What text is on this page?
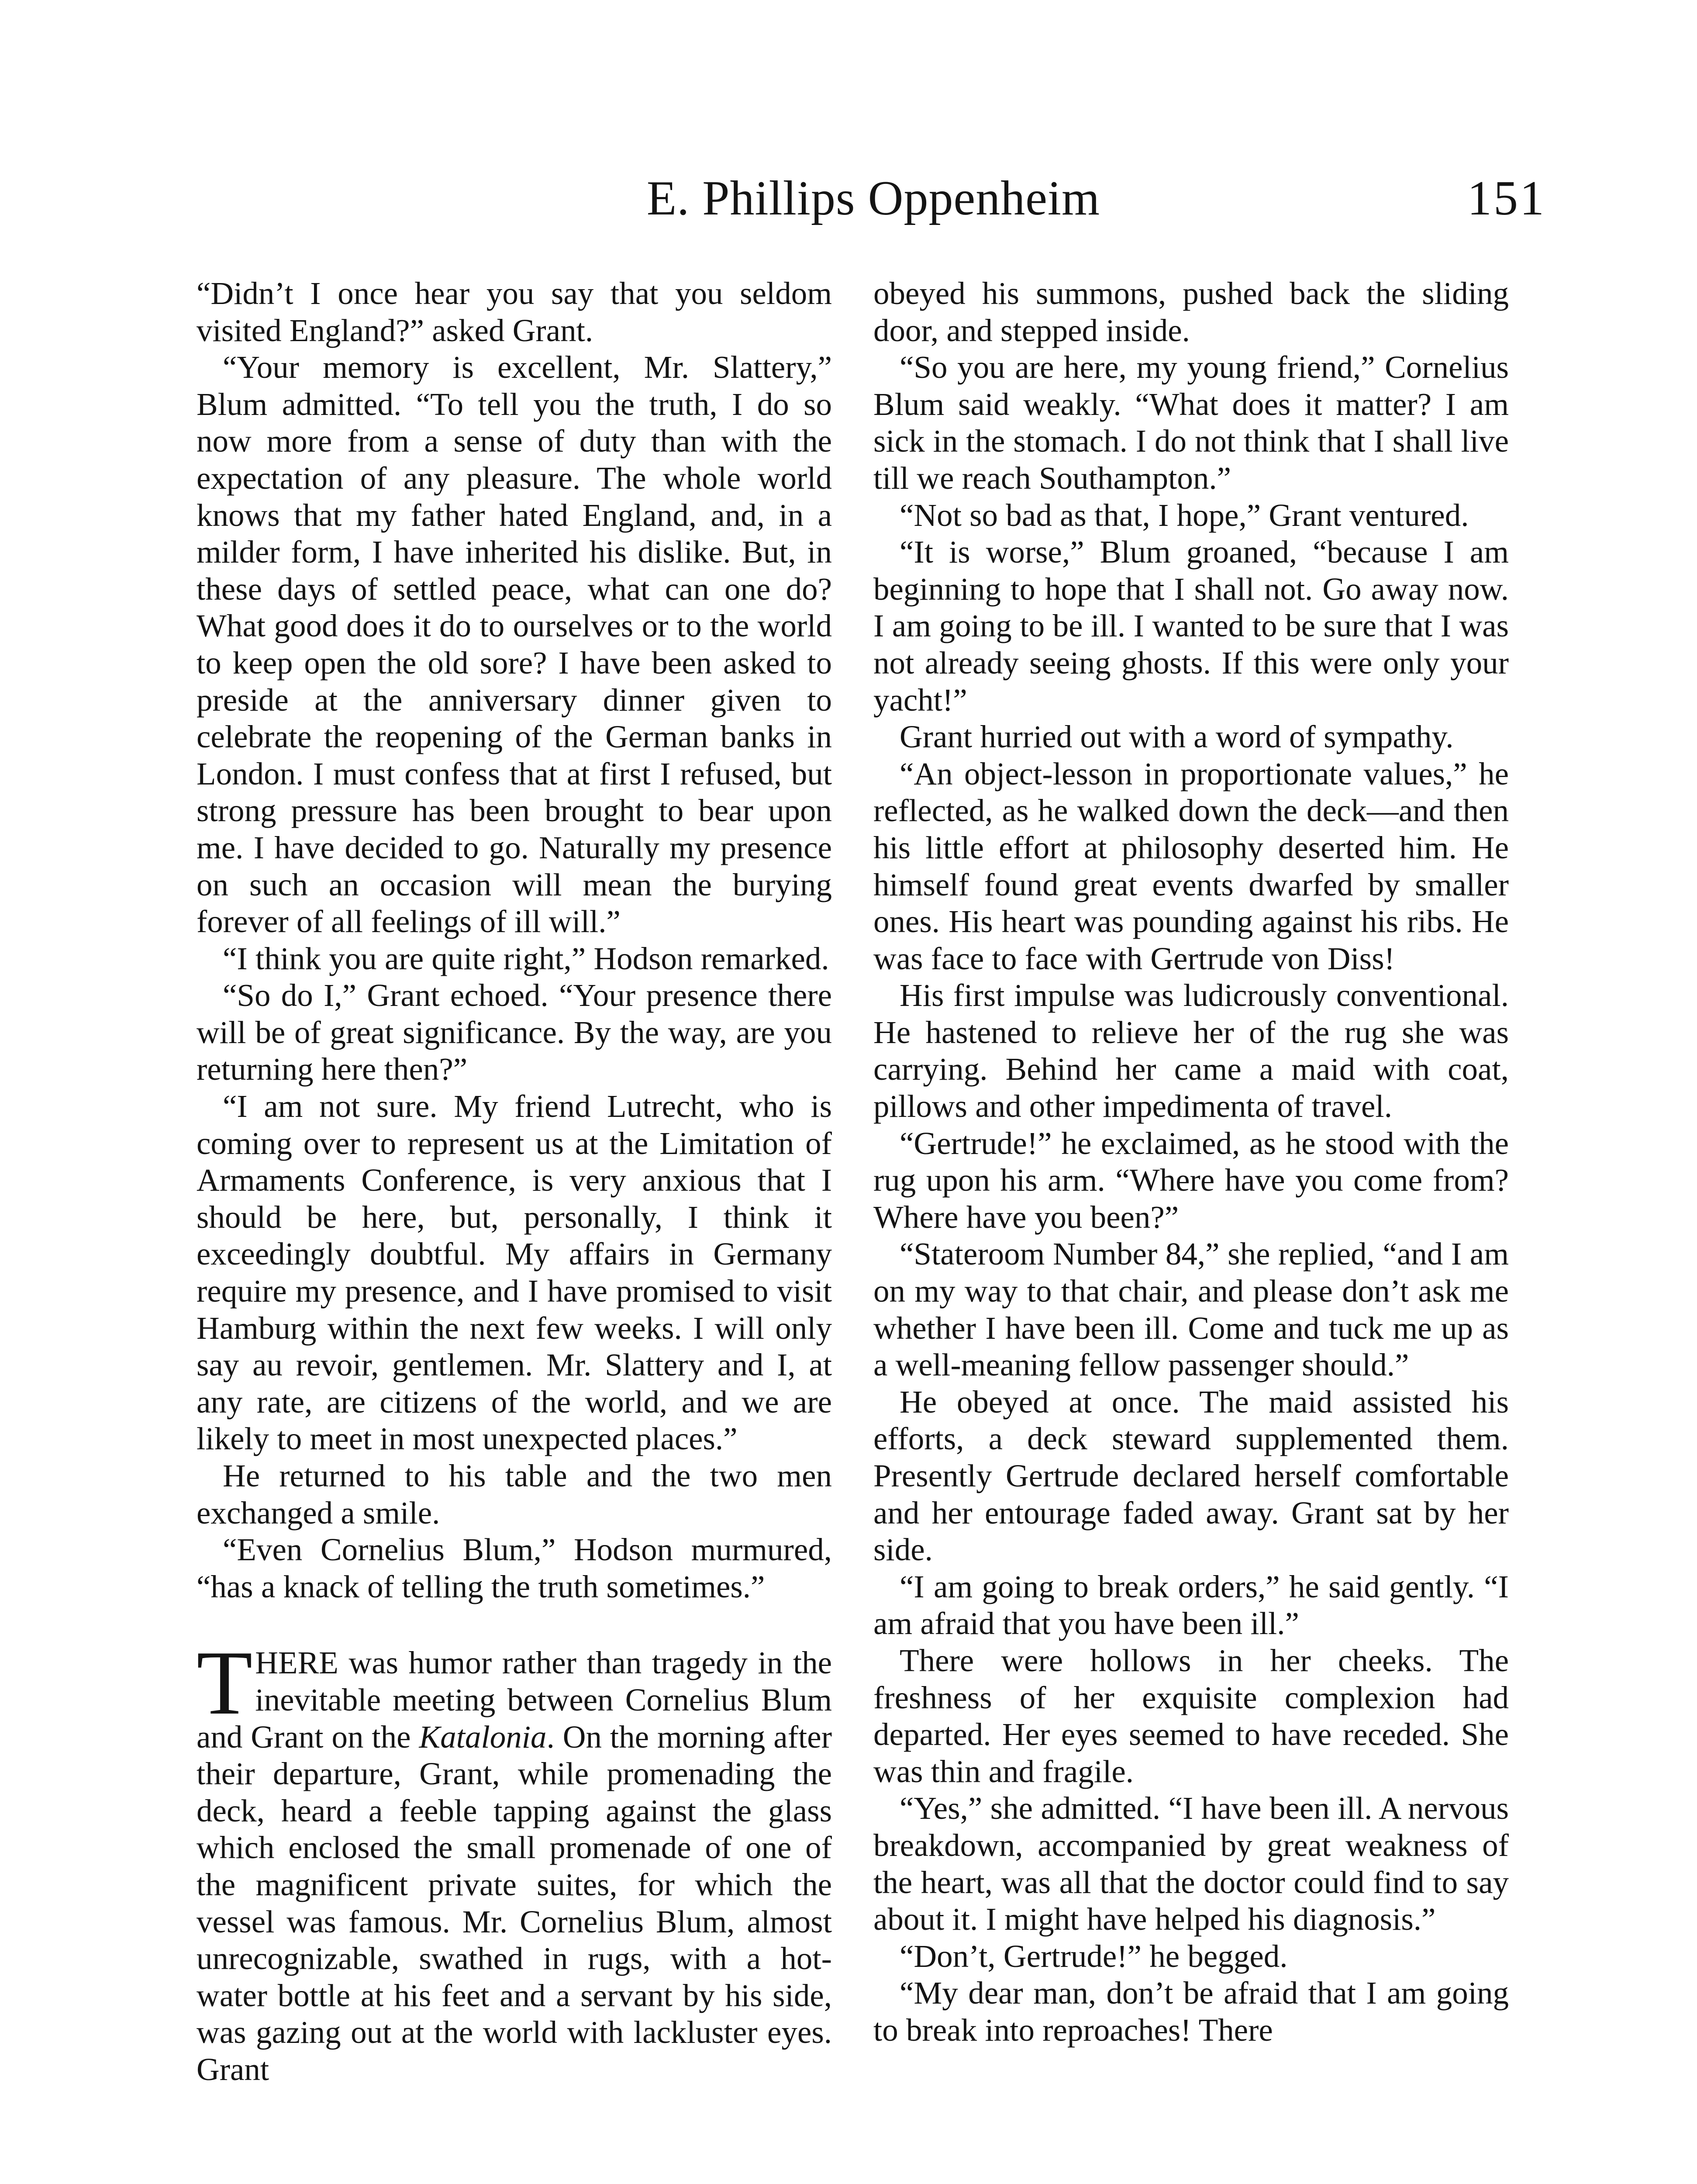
E. Phillips Oppenheim	151

“Didn’t I once hear you say that you seldom visited England?” asked Grant.

“Your memory is excellent, Mr. Slattery,” Blum admitted. “To tell you the truth, I do so now more from a sense of duty than with the expectation of any pleasure. The whole world knows that my father hated England, and, in a milder form, I have inherited his dislike. But, in these days of settled peace, what can one do? What good does it do to ourselves or to the world to keep open the old sore? I have been asked to preside at the anniversary dinner given to celebrate the reopening of the German banks in London. I must confess that at first I refused, but strong pressure has been brought to bear upon me. I have decided to go. Naturally my presence on such an occasion will mean the burying forever of all feelings of ill will.”

“I think you are quite right,” Hodson remarked.

“So do I,” Grant echoed. “Your presence there will be of great significance. By the way, are you returning here then?”

“I am not sure. My friend Lutrecht, who is coming over to represent us at the Limitation of Armaments Conference, is very anxious that I should be here, but, personally, I think it exceedingly doubtful. My affairs in Germany require my presence, and I have promised to visit Hamburg within the next few weeks. I will only say au revoir, gentlemen. Mr. Slattery and I, at any rate, are citizens of the world, and we are likely to meet in most unexpected places.”

He returned to his table and the two men exchanged a smile.

“Even Cornelius Blum,” Hodson murmured, “has a knack of telling the truth sometimes.”

THERE was humor rather than tragedy in the inevitable meeting between Cornelius Blum and Grant on the Katalonia. On the morning after their departure, Grant, while promenading the deck, heard a feeble tapping against the glass which enclosed the small promenade of one of the magnificent private suites, for which the vessel was famous. Mr. Cornelius Blum, almost unrecognizable, swathed in rugs, with a hot-water bottle at his feet and a servant by his side, was gazing out at the world with lackluster eyes. Grant

obeyed his summons, pushed back the sliding door, and stepped inside.

“So you are here, my young friend,” Cornelius Blum said weakly. “What does it matter? I am sick in the stomach. I do not think that I shall live till we reach Southampton.”

“Not so bad as that, I hope,” Grant ventured.

“It is worse,” Blum groaned, “because I am beginning to hope that I shall not. Go away now. I am going to be ill. I wanted to be sure that I was not already seeing ghosts. If this were only your yacht!”

Grant hurried out with a word of sympathy.

“An object-lesson in proportionate values,” he reflected, as he walked down the deck—and then his little effort at philosophy deserted him. He himself found great events dwarfed by smaller ones. His heart was pounding against his ribs. He was face to face with Gertrude von Diss!

His first impulse was ludicrously conventional. He hastened to relieve her of the rug she was carrying. Behind her came a maid with coat, pillows and other impedimenta of travel.

“Gertrude!” he exclaimed, as he stood with the rug upon his arm. “Where have you come from? Where have you been?”

“Stateroom Number 84,” she replied, “and I am on my way to that chair, and please don’t ask me whether I have been ill. Come and tuck me up as a well-meaning fellow passenger should.”

He obeyed at once. The maid assisted his efforts, a deck steward supplemented them. Presently Gertrude declared herself comfortable and her entourage faded away. Grant sat by her side.

“I am going to break orders,” he said gently. “I am afraid that you have been ill.”

There were hollows in her cheeks. The freshness of her exquisite complexion had departed. Her eyes seemed to have receded. She was thin and fragile.

“Yes,” she admitted. “I have been ill. A nervous breakdown, accompanied by great weakness of the heart, was all that the doctor could find to say about it. I might have helped his diagnosis.”

“Don’t, Gertrude!” he begged.

“My dear man, don’t be afraid that I am going to break into reproaches! There
